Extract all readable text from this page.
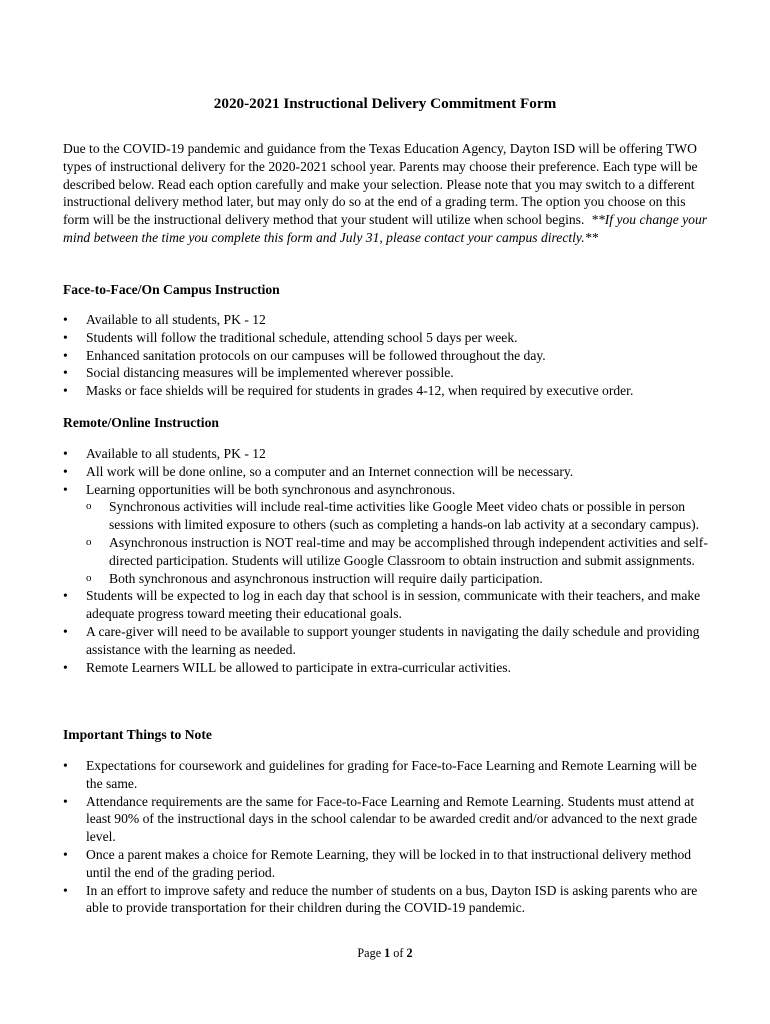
2020-2021 Instructional Delivery Commitment Form

Due to the COVID-19 pandemic and guidance from the Texas Education Agency, Dayton ISD will be offering TWO types of instructional delivery for the 2020-2021 school year. Parents may choose their preference. Each type will be described below. Read each option carefully and make your selection. Please note that you may switch to a different instructional delivery method later, but may only do so at the end of a grading term. The option you choose on this form will be the instructional delivery method that your student will utilize when school begins. **If you change your mind between the time you complete this form and July 31, please contact your campus directly.**

Face-to-Face/On Campus Instruction
•	Available to all students, PK - 12
•	Students will follow the traditional schedule, attending school 5 days per week.
•	Enhanced sanitation protocols on our campuses will be followed throughout the day.
•	Social distancing measures will be implemented wherever possible.
•	Masks or face shields will be required for students in grades 4-12, when required by executive order.
Remote/Online Instruction
•	Available to all students, PK - 12
•	All work will be done online, so a computer and an Internet connection will be necessary.
•	Learning opportunities will be both synchronous and asynchronous.
o Synchronous activities will include real-time activities like Google Meet video chats or possible in person sessions with limited exposure to others (such as completing a hands-on lab activity at a secondary campus).
o Asynchronous instruction is NOT real-time and may be accomplished through independent activities and self-directed participation. Students will utilize Google Classroom to obtain instruction and submit assignments.
o Both synchronous and asynchronous instruction will require daily participation.
•	Students will be expected to log in each day that school is in session, communicate with their teachers, and make adequate progress toward meeting their educational goals.
•	A care-giver will need to be available to support younger students in navigating the daily schedule and providing assistance with the learning as needed.
•	Remote Learners WILL be allowed to participate in extra-curricular activities.
Important Things to Note
•	Expectations for coursework and guidelines for grading for Face-to-Face Learning and Remote Learning will be the same.
•	Attendance requirements are the same for Face-to-Face Learning and Remote Learning. Students must attend at least 90% of the instructional days in the school calendar to be awarded credit and/or advanced to the next grade level.
•	Once a parent makes a choice for Remote Learning, they will be locked in to that instructional delivery method until the end of the grading period.
•	In an effort to improve safety and reduce the number of students on a bus, Dayton ISD is asking parents who are able to provide transportation for their children during the COVID-19 pandemic.

Page 1 of 2
